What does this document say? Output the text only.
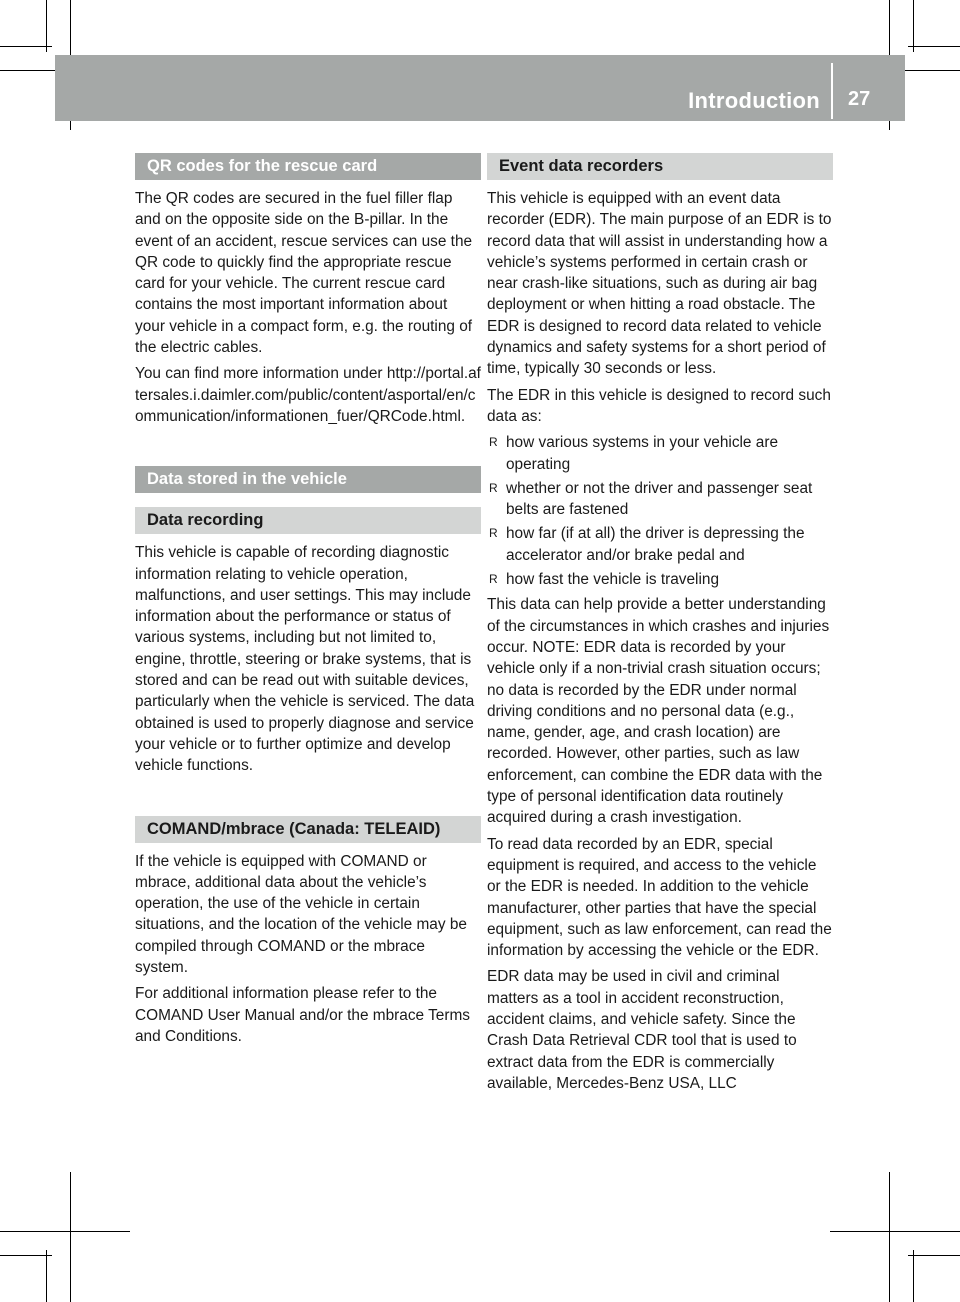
Introduction 27
QR codes for the rescue card

The QR codes are secured in the fuel filler flap and on the opposite side on the B-pillar. In the event of an accident, rescue services can use the QR code to quickly find the appropriate rescue card for your vehicle. The current rescue card contains the most important information about your vehicle in a compact form, e.g. the routing of the electric cables.

You can find more information under http://portal.aftersales.i.daimler.com/public/content/asportal/en/communication/informationen_fuer/QRCode.html.

Data stored in the vehicle
Data recording

This vehicle is capable of recording diagnostic information relating to vehicle operation, malfunctions, and user settings. This may include information about the performance or status of various systems, including but not limited to, engine, throttle, steering or brake systems, that is stored and can be read out with suitable devices, particularly when the vehicle is serviced. The data obtained is used to properly diagnose and service your vehicle or to further optimize and develop vehicle functions.

COMAND/mbrace (Canada: TELEAID)

If the vehicle is equipped with COMAND or mbrace, additional data about the vehicle’s operation, the use of the vehicle in certain situations, and the location of the vehicle may be compiled through COMAND or the mbrace system.

For additional information please refer to the COMAND User Manual and/or the mbrace Terms and Conditions.

Event data recorders

This vehicle is equipped with an event data recorder (EDR). The main purpose of an EDR is to record data that will assist in understanding how a vehicle’s systems performed in certain crash or near crash-like situations, such as during air bag deployment or when hitting a road obstacle. The EDR is designed to record data related to vehicle dynamics and safety systems for a short period of time, typically 30 seconds or less.

The EDR in this vehicle is designed to record such data as:

R how various systems in your vehicle are operating
R whether or not the driver and passenger seat belts are fastened
R how far (if at all) the driver is depressing the accelerator and/or brake pedal and
R how fast the vehicle is traveling

This data can help provide a better understanding of the circumstances in which crashes and injuries occur. NOTE: EDR data is recorded by your vehicle only if a non-trivial crash situation occurs; no data is recorded by the EDR under normal driving conditions and no personal data (e.g., name, gender, age, and crash location) are recorded. However, other parties, such as law enforcement, can combine the EDR data with the type of personal identification data routinely acquired during a crash investigation.

To read data recorded by an EDR, special equipment is required, and access to the vehicle or the EDR is needed. In addition to the vehicle manufacturer, other parties that have the special equipment, such as law enforcement, can read the information by accessing the vehicle or the EDR.

EDR data may be used in civil and criminal matters as a tool in accident reconstruction, accident claims, and vehicle safety. Since the Crash Data Retrieval CDR tool that is used to extract data from the EDR is commercially available, Mercedes-Benz USA, LLC
